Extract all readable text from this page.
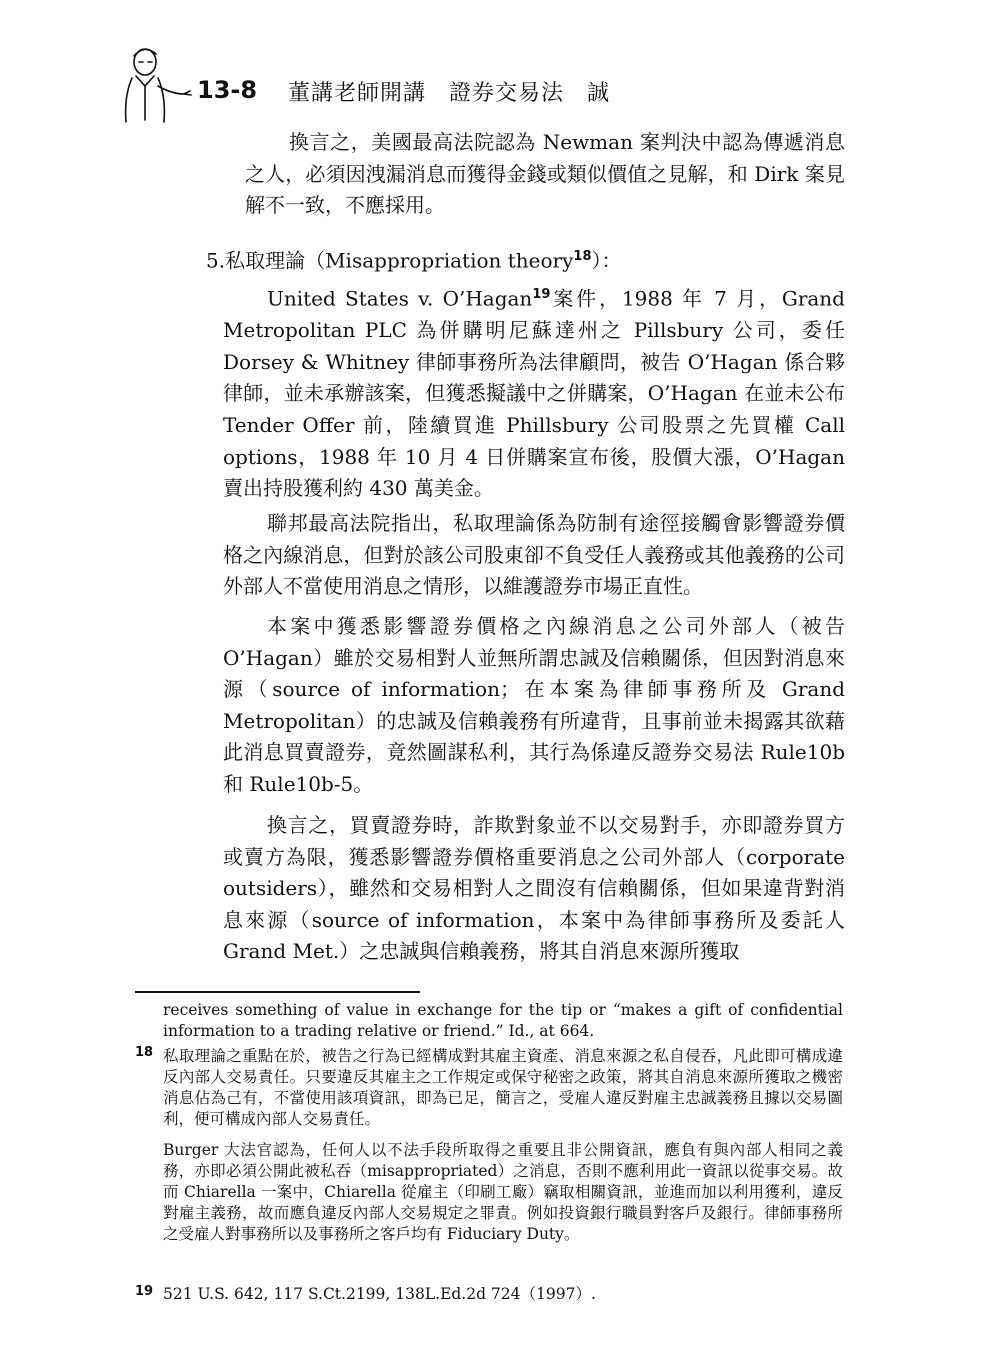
13-8 董講老師開講　證券交易法　誠
換言之，美國最高法院認為 Newman 案判決中認為傳遞消息之人，必須因洩漏消息而獲得金錢或類似價值之見解，和 Dirk 案見解不一致，不應採用。
5.私取理論（Misappropriation theory$^{18}$）：
United States v. O’Hagan$^{19}$案件，1988 年 7 月，Grand Metropolitan PLC 為併購明尼蘇達州之 Pillsbury 公司，委任 Dorsey & Whitney 律師事務所為法律顧問，被告 O’Hagan 係合夥律師，並未承辦該案，但獲悉擬議中之併購案，O’Hagan 在並未公布 Tender Offer 前，陸續買進 Phillsbury 公司股票之先買權 Call options，1988 年 10 月 4 日併購案宣布後，股價大漲，O’Hagan 賣出持股獲利約 430 萬美金。
聯邦最高法院指出，私取理論係為防制有途徑接觸會影響證券價格之內線消息，但對於該公司股東卻不負受任人義務或其他義務的公司外部人不當使用消息之情形，以維護證券市場正直性。
本案中獲悉影響證券價格之內線消息之公司外部人（被告 O’Hagan）雖於交易相對人並無所謂忠誠及信賴關係，但因對消息來源（source of information；在本案為律師事務所及 Grand Metropolitan）的忠誠及信賴義務有所違背，且事前並未揭露其欲藉此消息買賣證券，竟然圖謀私利，其行為係違反證券交易法 Rule10b 和 Rule10b-5。
換言之，買賣證券時，詐欺對象並不以交易對手，亦即證券買方或賣方為限，獲悉影響證券價格重要消息之公司外部人（corporate outsiders），雖然和交易相對人之間沒有信賴關係，但如果違背對消息來源（source of information，本案中為律師事務所及委託人 Grand Met.）之忠誠與信賴義務，將其自消息來源所獲取
receives something of value in exchange for the tip or “makes a gift of confidential information to a trading relative or friend.” Id., at 664.
18 私取理論之重點在於，被告之行為已經構成對其雇主資產、消息來源之私自侵吞，凡此即可構成違反內部人交易責任。只要違反其雇主之工作規定或保守秘密之政策，將其自消息來源所獲取之機密消息佔為己有，不當使用該項資訊，即為已足，簡言之，受雇人違反對雇主忠誠義務且據以交易圖利，便可構成內部人交易責任。
Burger 大法官認為，任何人以不法手段所取得之重要且非公開資訊，應負有與內部人相同之義務，亦即必須公開此被私吞（misappropriated）之消息，否則不應利用此一資訊以從事交易。故而 Chiarella 一案中，Chiarella 從雇主（印刷工廠）竊取相關資訊，並進而加以利用獲利，違反對雇主義務，故而應負違反內部人交易規定之罪責。例如投資銀行職員對客戶及銀行。律師事務所之受雇人對事務所以及事務所之客戶均有 Fiduciary Duty。
19 521 U.S. 642, 117 S.Ct.2199, 138L.Ed.2d 724（1997）.
